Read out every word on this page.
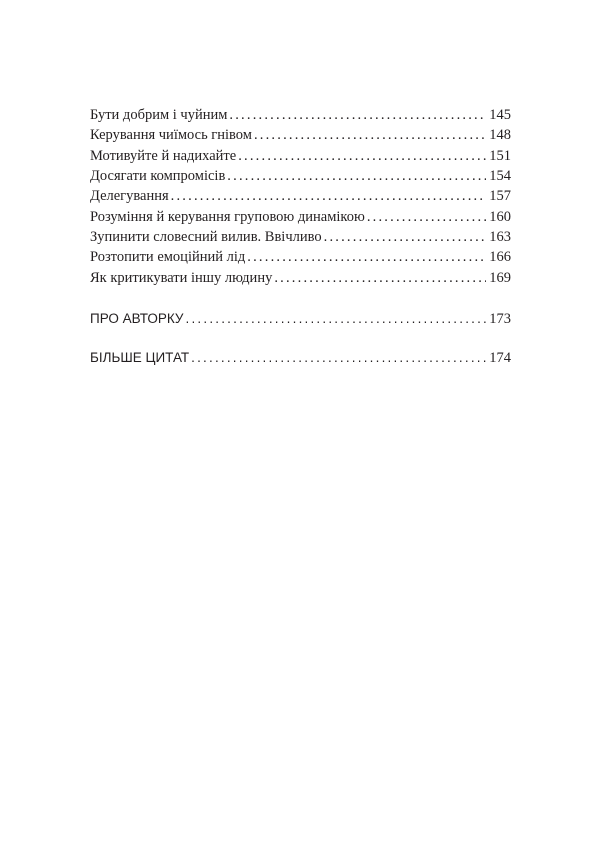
Бути добрим і чуйним .....	145
Керування чиїмось гнівом .....	148
Мотивуйте й надихайте .....	151
Досягати компромісів .....	154
Делегування .....	157
Розуміння й керування груповою динамікою .....	160
Зупинити словесний вилив. Ввічливо .....	163
Розтопити емоційний лід .....	166
Як критикувати іншу людину .....	169
ПРО АВТОРКУ .....	173
БІЛЬШЕ ЦИТАТ .....	174
